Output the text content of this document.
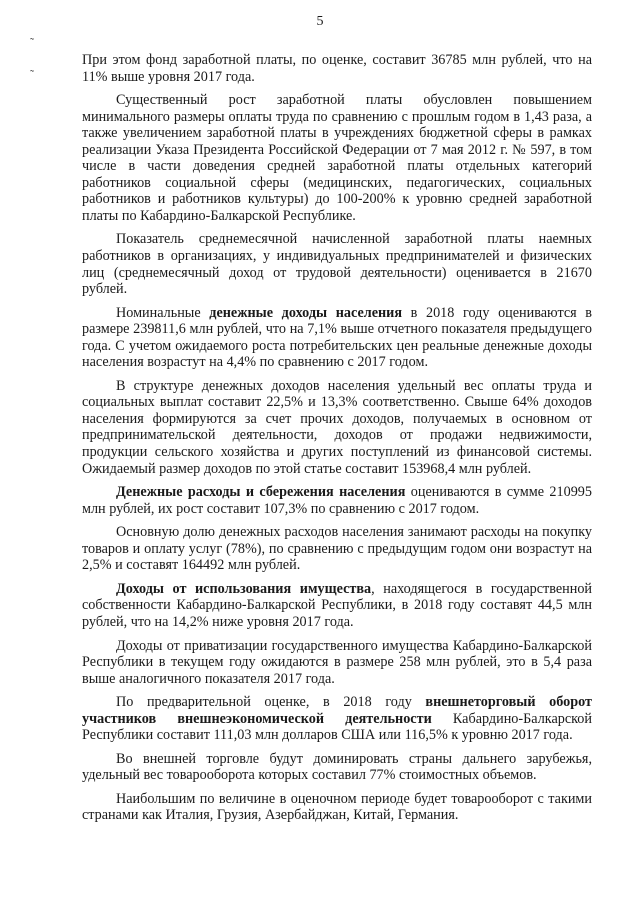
5
˜
˜

При этом фонд заработной платы, по оценке, составит 36785 млн рублей, что на 11% выше уровня 2017 года.

Существенный рост заработной платы обусловлен повышением минимального размеры оплаты труда по сравнению с прошлым годом в 1,43 раза, а также увеличением заработной платы в учреждениях бюджетной сферы в рамках реализации Указа Президента Российской Федерации от 7 мая 2012 г. № 597, в том числе в части доведения средней заработной платы отдельных категорий работников социальной сферы (медицинских, педагогических, социальных работников и работников культуры) до 100-200% к уровню средней заработной платы по Кабардино-Балкарской Республике.

Показатель среднемесячной начисленной заработной платы наемных работников в организациях, у индивидуальных предпринимателей и физических лиц (среднемесячный доход от трудовой деятельности) оценивается в 21670 рублей.

Номинальные денежные доходы населения в 2018 году оцениваются в размере 239811,6 млн рублей, что на 7,1% выше отчетного показателя предыдущего года. С учетом ожидаемого роста потребительских цен реальные денежные доходы населения возрастут на 4,4% по сравнению с 2017 годом.

В структуре денежных доходов населения удельный вес оплаты труда и социальных выплат составит 22,5% и 13,3% соответственно. Свыше 64% доходов населения формируются за счет прочих доходов, получаемых в основном от предпринимательской деятельности, доходов от продажи недвижимости, продукции сельского хозяйства и других поступлений из финансовой системы. Ожидаемый размер доходов по этой статье составит 153968,4 млн рублей.

Денежные расходы и сбережения населения оцениваются в сумме 210995 млн рублей, их рост составит 107,3% по сравнению с 2017 годом.

Основную долю денежных расходов населения занимают расходы на покупку товаров и оплату услуг (78%), по сравнению с предыдущим годом они возрастут на 2,5% и составят 164492 млн рублей.

Доходы от использования имущества, находящегося в государственной собственности Кабардино-Балкарской Республики, в 2018 году составят 44,5 млн рублей, что на 14,2% ниже уровня 2017 года.

Доходы от приватизации государственного имущества Кабардино-Балкарской Республики в текущем году ожидаются в размере 258 млн рублей, это в 5,4 раза выше аналогичного показателя 2017 года.

По предварительной оценке, в 2018 году внешнеторговый оборот участников внешнеэкономической деятельности Кабардино-Балкарской Республики составит 111,03 млн долларов США или 116,5% к уровню 2017 года.

Во внешней торговле будут доминировать страны дальнего зарубежья, удельный вес товарооборота которых составил 77% стоимостных объемов.

Наибольшим по величине в оценочном периоде будет товарооборот с такими странами как Италия, Грузия, Азербайджан, Китай, Германия.
